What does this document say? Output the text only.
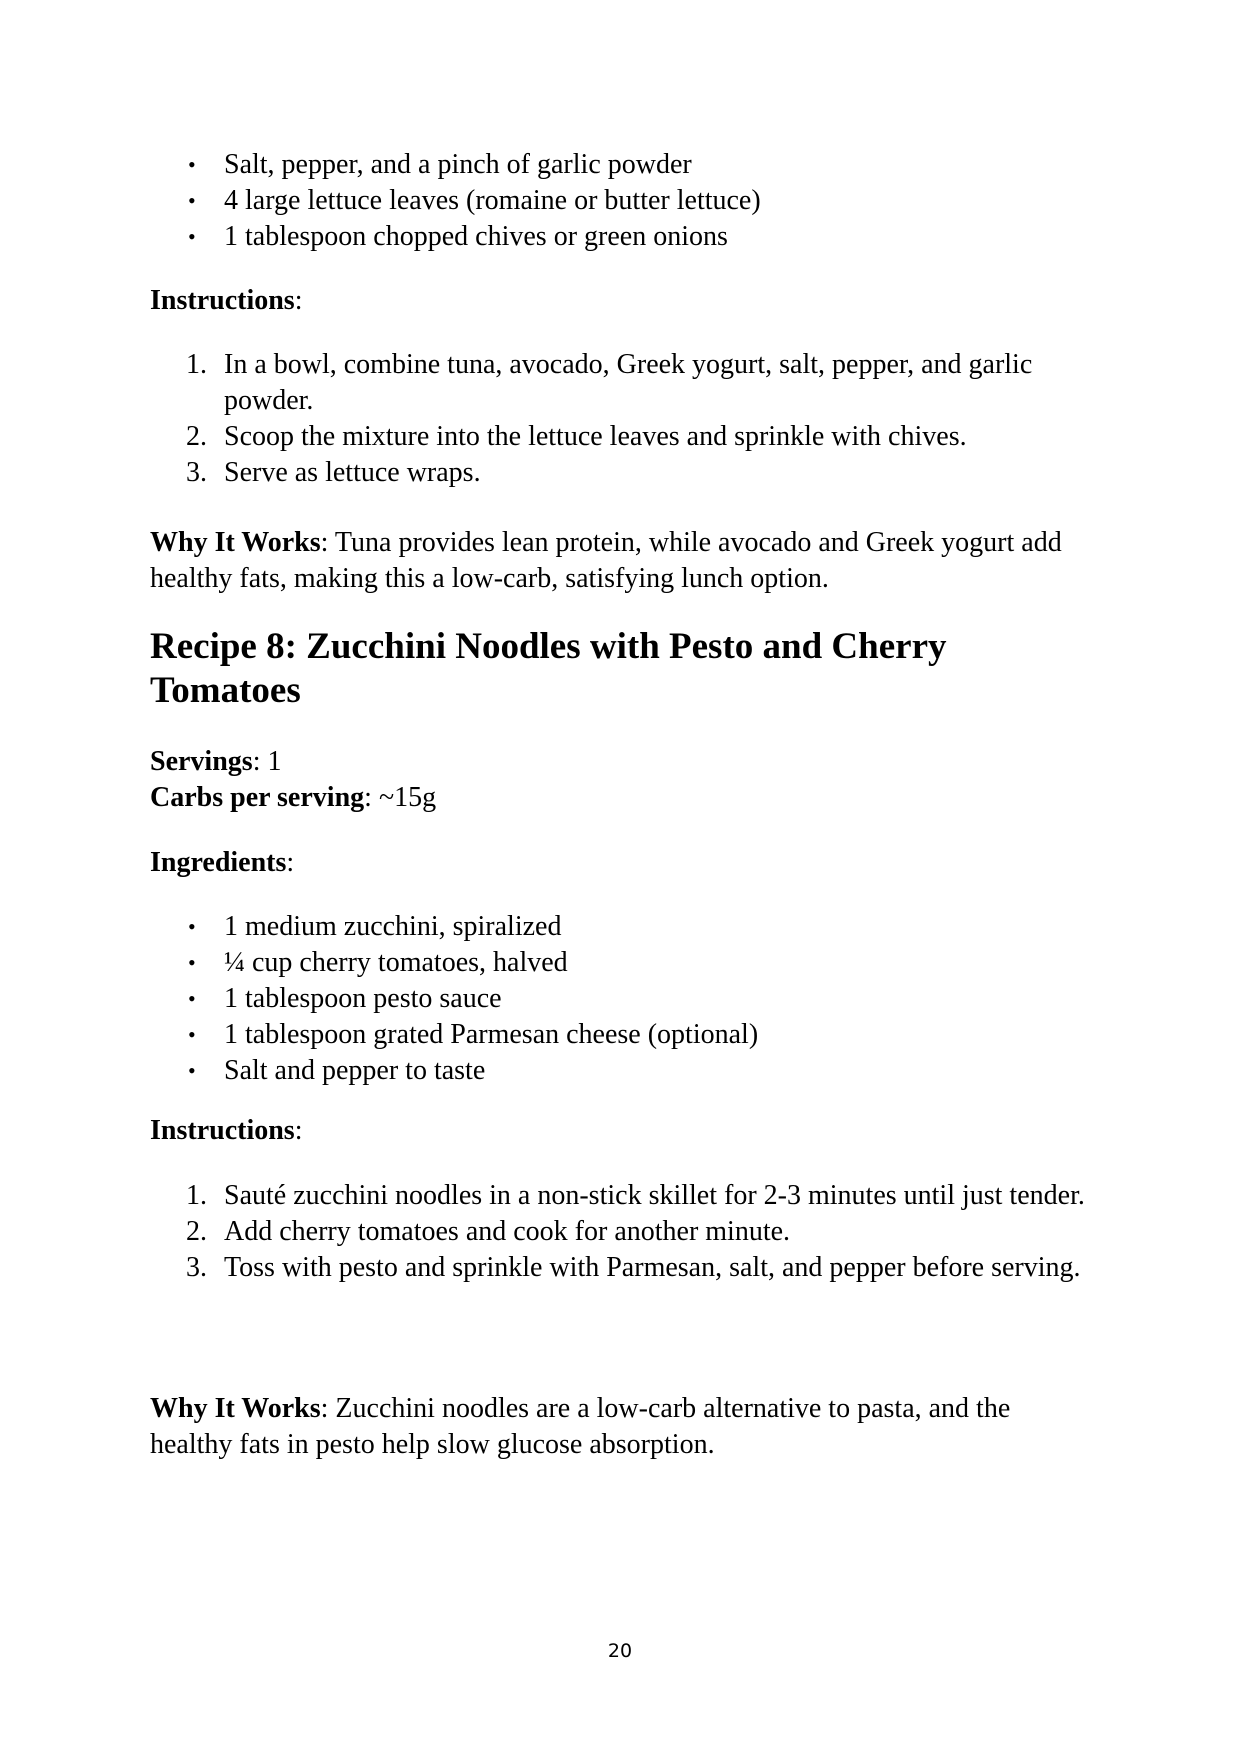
• Salt, pepper, and a pinch of garlic powder
• 4 large lettuce leaves (romaine or butter lettuce)
• 1 tablespoon chopped chives or green onions

Instructions:

1. In a bowl, combine tuna, avocado, Greek yogurt, salt, pepper, and garlic powder.
2. Scoop the mixture into the lettuce leaves and sprinkle with chives.
3. Serve as lettuce wraps.

Why It Works: Tuna provides lean protein, while avocado and Greek yogurt add healthy fats, making this a low-carb, satisfying lunch option.

Recipe 8: Zucchini Noodles with Pesto and Cherry Tomatoes

Servings: 1

Carbs per serving: ~15g

Ingredients:

• 1 medium zucchini, spiralized
• ¼ cup cherry tomatoes, halved
• 1 tablespoon pesto sauce
• 1 tablespoon grated Parmesan cheese (optional)
• Salt and pepper to taste

Instructions:

1. Sauté zucchini noodles in a non-stick skillet for 2-3 minutes until just tender.
2. Add cherry tomatoes and cook for another minute.
3. Toss with pesto and sprinkle with Parmesan, salt, and pepper before serving.

Why It Works: Zucchini noodles are a low-carb alternative to pasta, and the healthy fats in pesto help slow glucose absorption.

20
